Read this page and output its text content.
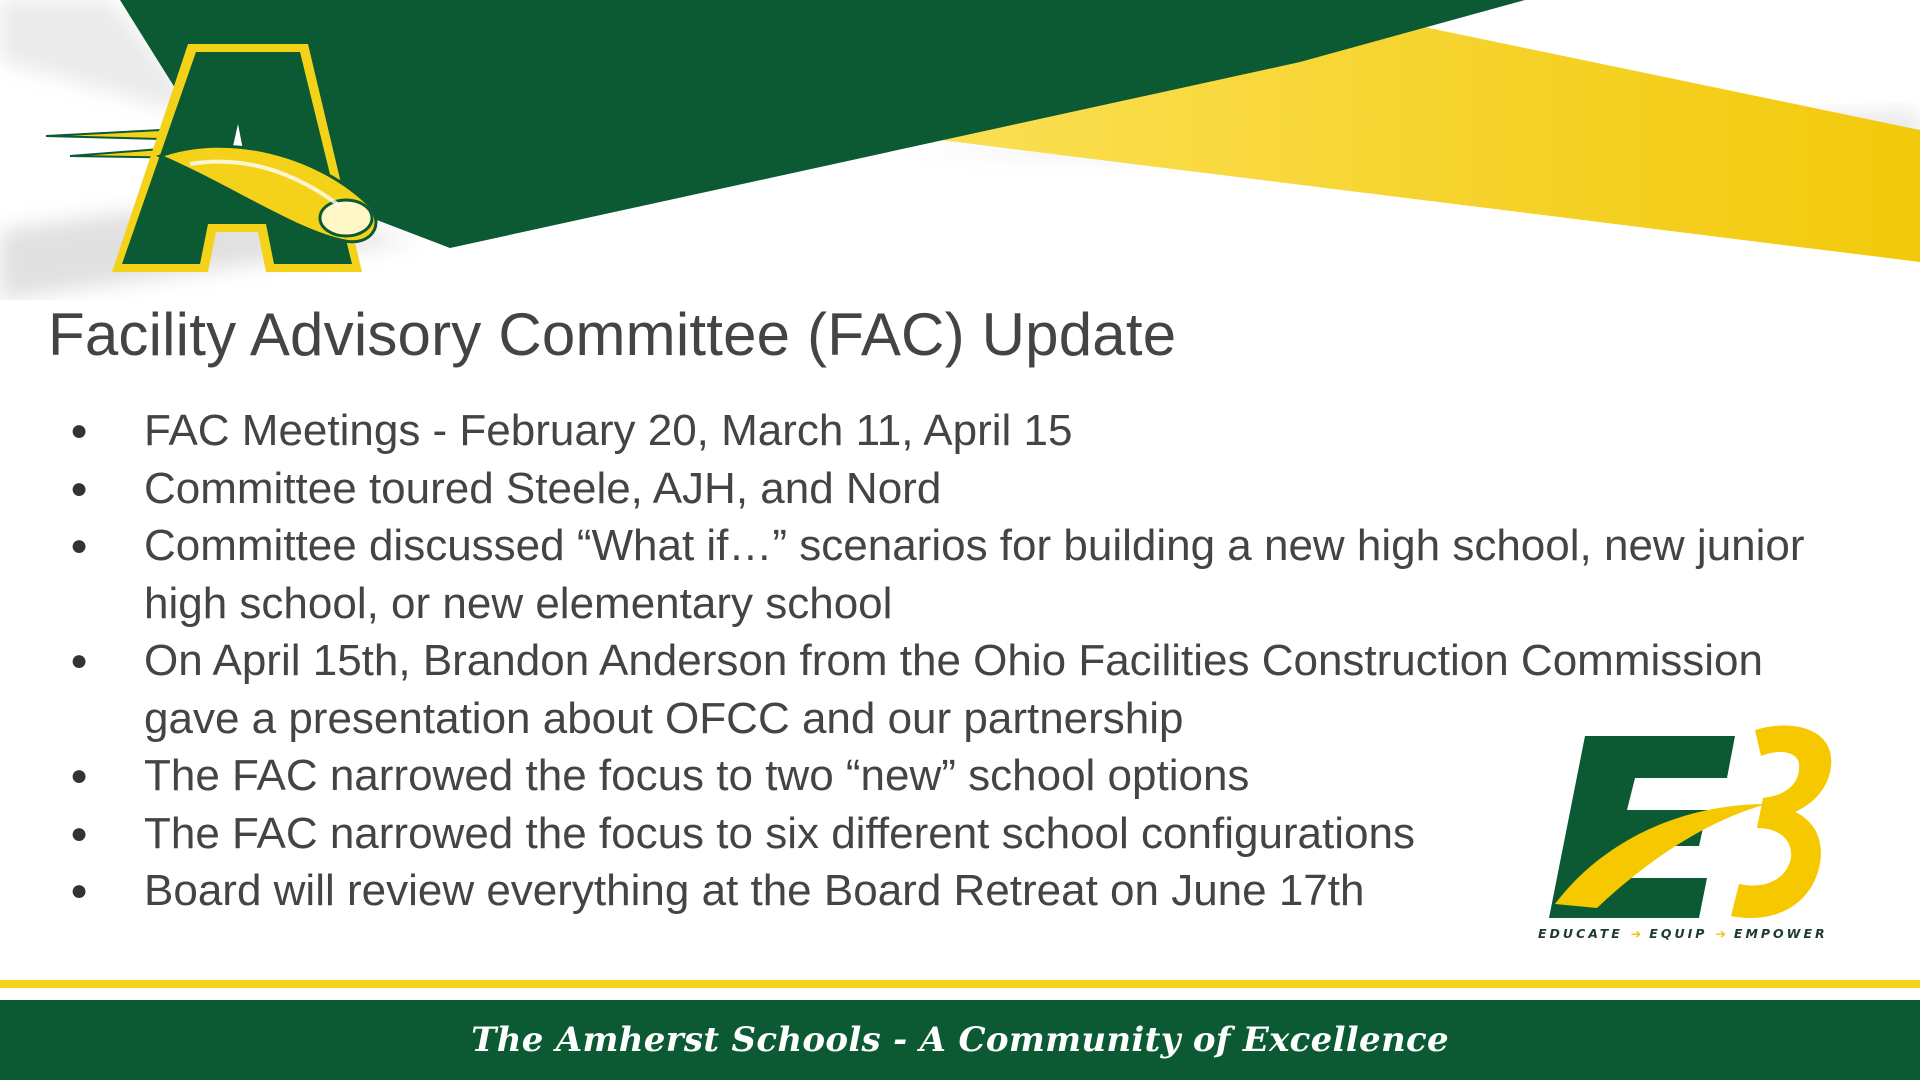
Facility Advisory Committee (FAC) Update
● FAC Meetings - February 20, March 11, April 15
● Committee toured Steele, AJH, and Nord
● Committee discussed “What if…” scenarios for building a new high school, new junior high school, or new elementary school
● On April 15th, Brandon Anderson from the Ohio Facilities Construction Commission gave a presentation about OFCC and our partnership
● The FAC narrowed the focus to two “new” school options
● The FAC narrowed the focus to six different school configurations
● Board will review everything at the Board Retreat on June 17th
EDUCATE ➔ EQUIP ➔ EMPOWER
The Amherst Schools - A Community of Excellence
